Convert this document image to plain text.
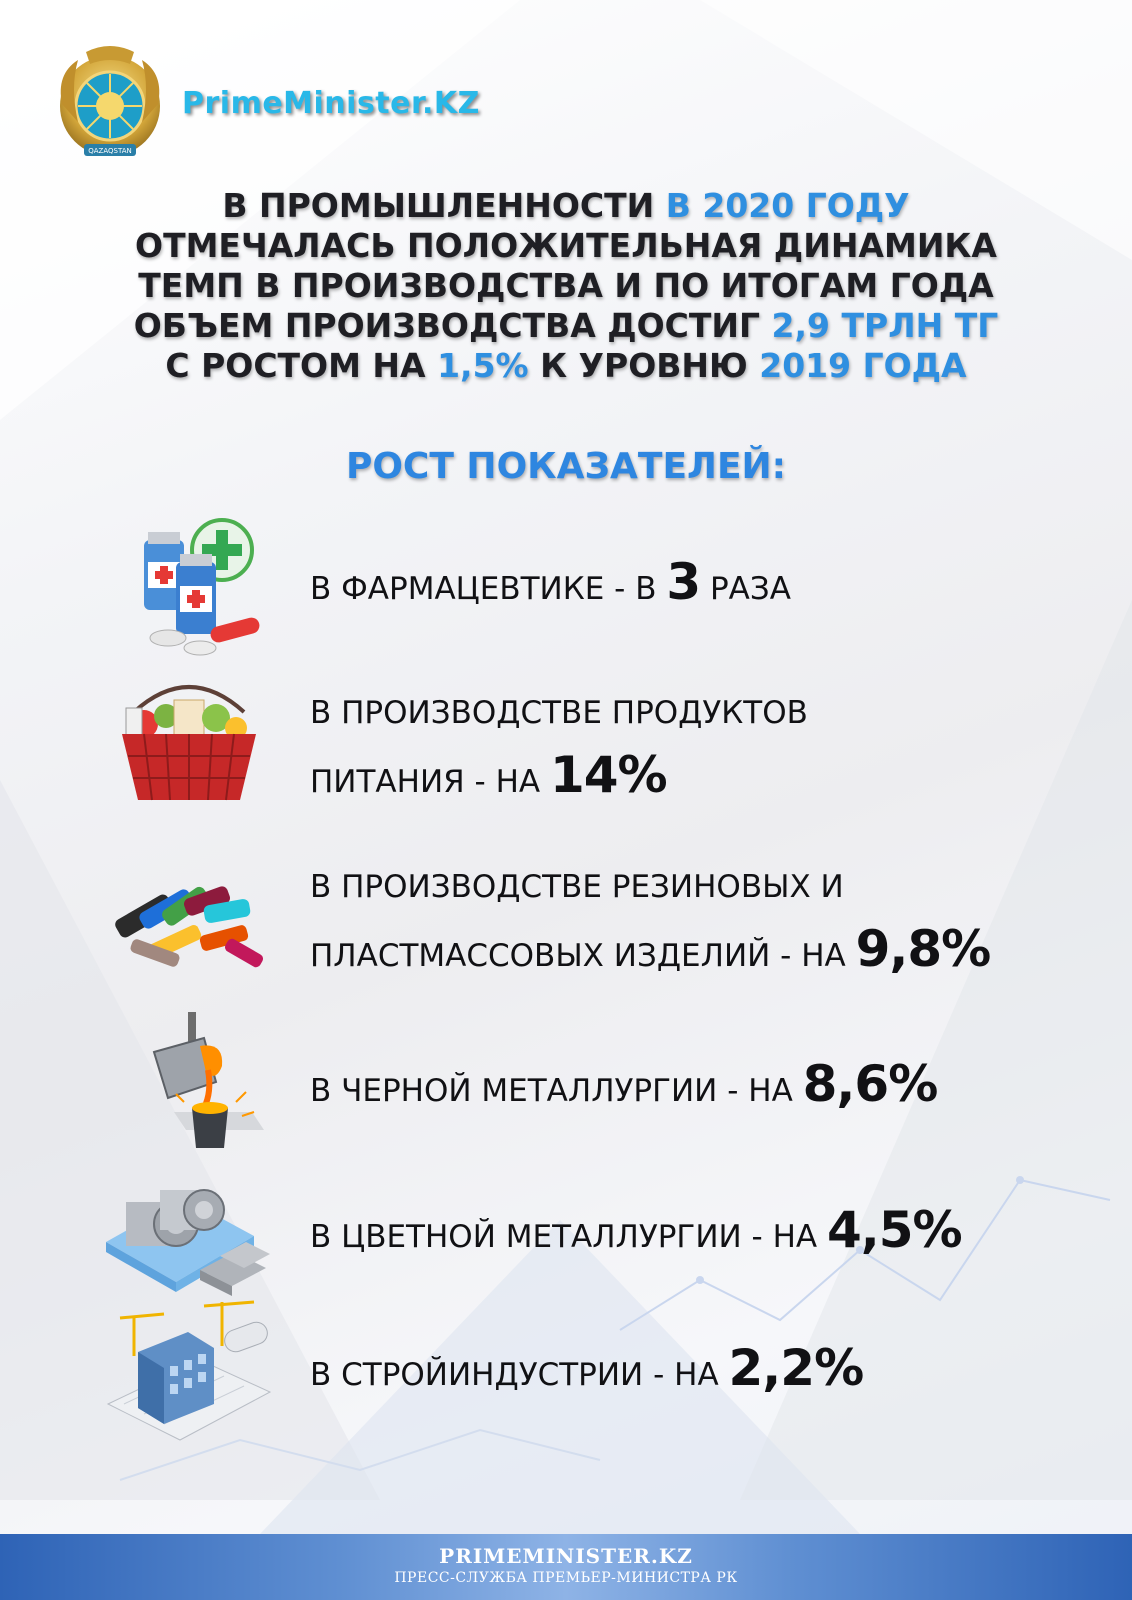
QAZAQSTAN
PrimeMinister.KZ
В ПРОМЫШЛЕННОСТИ В 2020 ГОДУ
ОТМЕЧАЛАСЬ ПОЛОЖИТЕЛЬНАЯ ДИНАМИКА
ТЕМП В ПРОИЗВОДСТВА И ПО ИТОГАМ ГОДА
ОБЪЕМ ПРОИЗВОДСТВА ДОСТИГ 2,9 ТРЛН ТГ
С РОСТОМ НА 1,5% К УРОВНЮ 2019 ГОДА
РОСТ ПОКАЗАТЕЛЕЙ:
В ФАРМАЦЕВТИКЕ - В 3 РАЗА
В ПРОИЗВОДСТВЕ ПРОДУКТОВ
ПИТАНИЯ - НА 14%
В ПРОИЗВОДСТВЕ РЕЗИНОВЫХ И
ПЛАСТМАССОВЫХ ИЗДЕЛИЙ - НА 9,8%
В ЧЕРНОЙ МЕТАЛЛУРГИИ - НА 8,6%
В ЦВЕТНОЙ МЕТАЛЛУРГИИ - НА 4,5%
В СТРОЙИНДУСТРИИ - НА 2,2%
PRIMEMINISTER.KZ
ПРЕСС-СЛУЖБА ПРЕМЬЕР-МИНИСТРА РК
